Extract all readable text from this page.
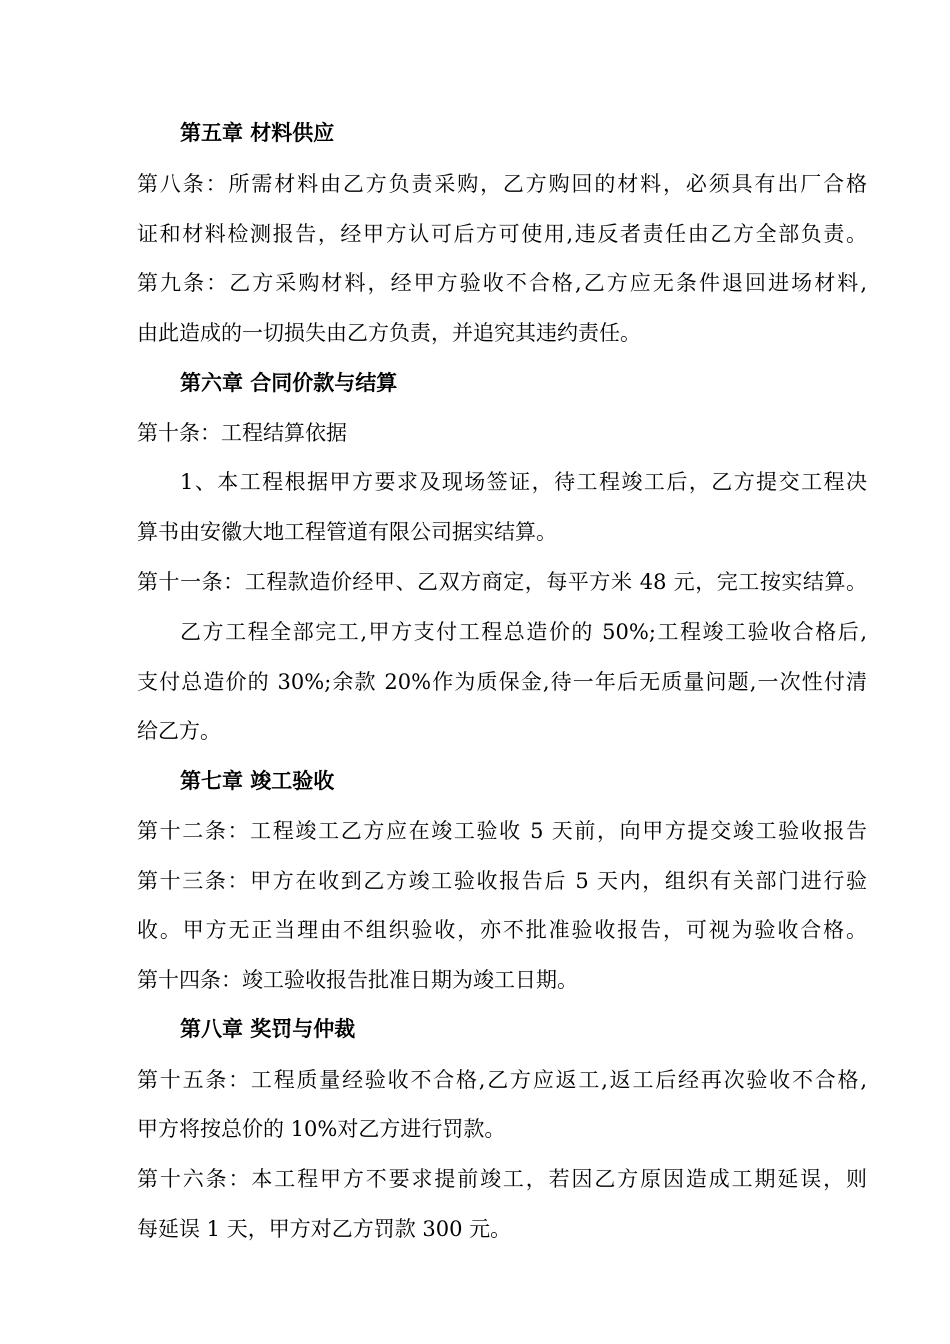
第五章 材料供应
第八条：所需材料由乙方负责采购，乙方购回的材料，必须具有出厂合格
证和材料检测报告，经甲方认可后方可使用,违反者责任由乙方全部负责。
第九条：乙方采购材料，经甲方验收不合格,乙方应无条件退回进场材料,
由此造成的一切损失由乙方负责，并追究其违约责任。
第六章 合同价款与结算
第十条：工程结算依据
1、本工程根据甲方要求及现场签证，待工程竣工后，乙方提交工程决
算书由安徽大地工程管道有限公司据实结算。
第十一条：工程款造价经甲、乙双方商定，每平方米 48 元，完工按实结算。
乙方工程全部完工,甲方支付工程总造价的 50%;工程竣工验收合格后,
支付总造价的 30%;余款 20%作为质保金,待一年后无质量问题,一次性付清
给乙方。
第七章 竣工验收
第十二条：工程竣工乙方应在竣工验收 5 天前，向甲方提交竣工验收报告
第十三条：甲方在收到乙方竣工验收报告后 5 天内，组织有关部门进行验
收。甲方无正当理由不组织验收，亦不批准验收报告，可视为验收合格。
第十四条：竣工验收报告批准日期为竣工日期。
第八章 奖罚与仲裁
第十五条：工程质量经验收不合格,乙方应返工,返工后经再次验收不合格,
甲方将按总价的 10%对乙方进行罚款。
第十六条：本工程甲方不要求提前竣工，若因乙方原因造成工期延误，则
每延误 1 天，甲方对乙方罚款 300 元。
